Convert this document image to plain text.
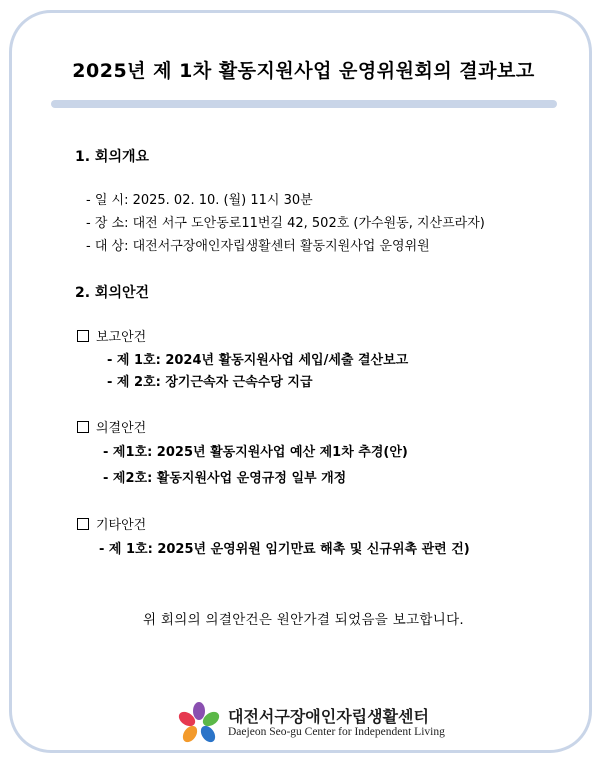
2025년 제 1차 활동지원사업 운영위원회의 결과보고
1. 회의개요
- 일 시: 2025. 02. 10. (월) 11시 30분
- 장 소: 대전 서구 도안동로11번길 42, 502호 (가수원동, 지산프라자)
- 대 상: 대전서구장애인자립생활센터 활동지원사업 운영위원
2. 회의안건
보고안건
- 제 1호: 2024년 활동지원사업 세입/세출 결산보고
- 제 2호: 장기근속자 근속수당 지급
의결안건
- 제1호: 2025년 활동지원사업 예산 제1차 추경(안)
- 제2호: 활동지원사업 운영규정 일부 개정
기타안건
- 제 1호: 2025년 운영위원 임기만료 해촉 및 신규위촉 관련 건)
위 회의의 의결안건은 원안가결 되었음을 보고합니다.
대전서구장애인자립생활센터
Daejeon Seo-gu Center for Independent Living
